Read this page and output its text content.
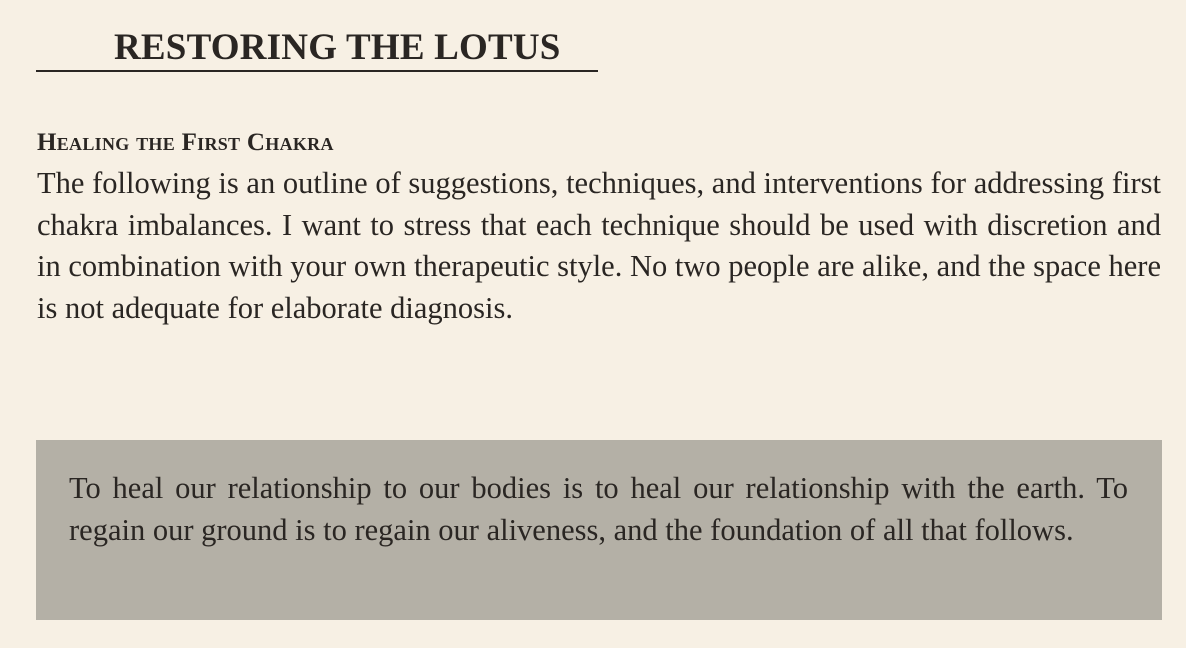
RESTORING THE LOTUS
Healing the First Chakra

The following is an outline of suggestions, techniques, and interventions for addressing first chakra imbalances. I want to stress that each technique should be used with discretion and in combination with your own therapeutic style. No two people are alike, and the space here is not adequate for elaborate diagnosis.

To heal our relationship to our bodies is to heal our relationship with the earth. To regain our ground is to regain our aliveness, and the foundation of all that follows.
